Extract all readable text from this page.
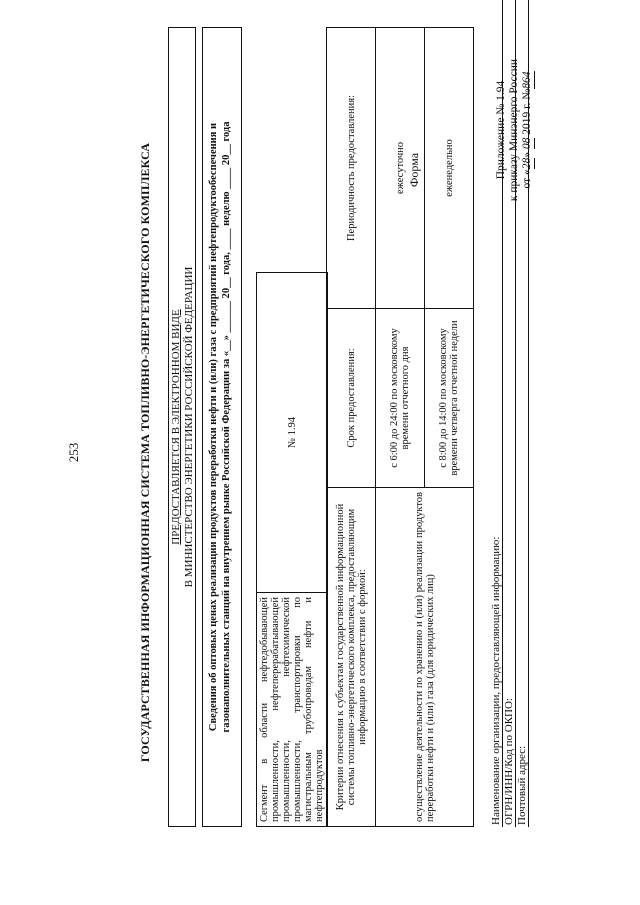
253
Приложение № 1.94 к приказу Минэнерго России от «28» 08 2019 г. №864
Форма
ГОСУДАРСТВЕННАЯ ИНФОРМАЦИОННАЯ СИСТЕМА ТОПЛИВНО-ЭНЕРГЕТИЧЕСКОГО КОМПЛЕКСА ПРЕДОСТАВЛЯЕТСЯ В ЭЛЕКТРОННОМ ВИДЕ В МИНИСТЕРСТВО ЭНЕРГЕТИКИ РОССИЙСКОЙ ФЕДЕРАЦИИ Сведения об оптовых ценах реализации продуктов переработки нефти и (или) газа с предприятий нефтепродуктообеспечения и газонаполнительных станций на внутреннем рынке Российской Федерации за «__» ______ 20__ года, ____ неделю ____ 20__ года	Сегмент в области нефтедобывающей промышленности, нефтеперерабатывающей промышленности, нефтехимической промышленности, транспортировки по магистральным трубопроводам нефти и нефтепродуктов	№ 1.94
Критерии отнесения к субъектам государственной информационной системы топливно-энергетического комплекса, предоставляющим информацию в соответствии с формой:	Срок предоставления:	Периодичность предоставления:
осуществление деятельности по хранению и (или) реализации продуктов переработки нефти и (или) газа (для юридических лиц)	с 6:00 до 24:00 по московскому времени отчетного дня	ежесуточно
	с 8:00 до 14:00 по московскому времени четверга отчетной недели	еженедельно
Наименование организации, предоставляющей информацию: ОГРН/ИНН/Код по ОКПО: Почтовый адрес:
